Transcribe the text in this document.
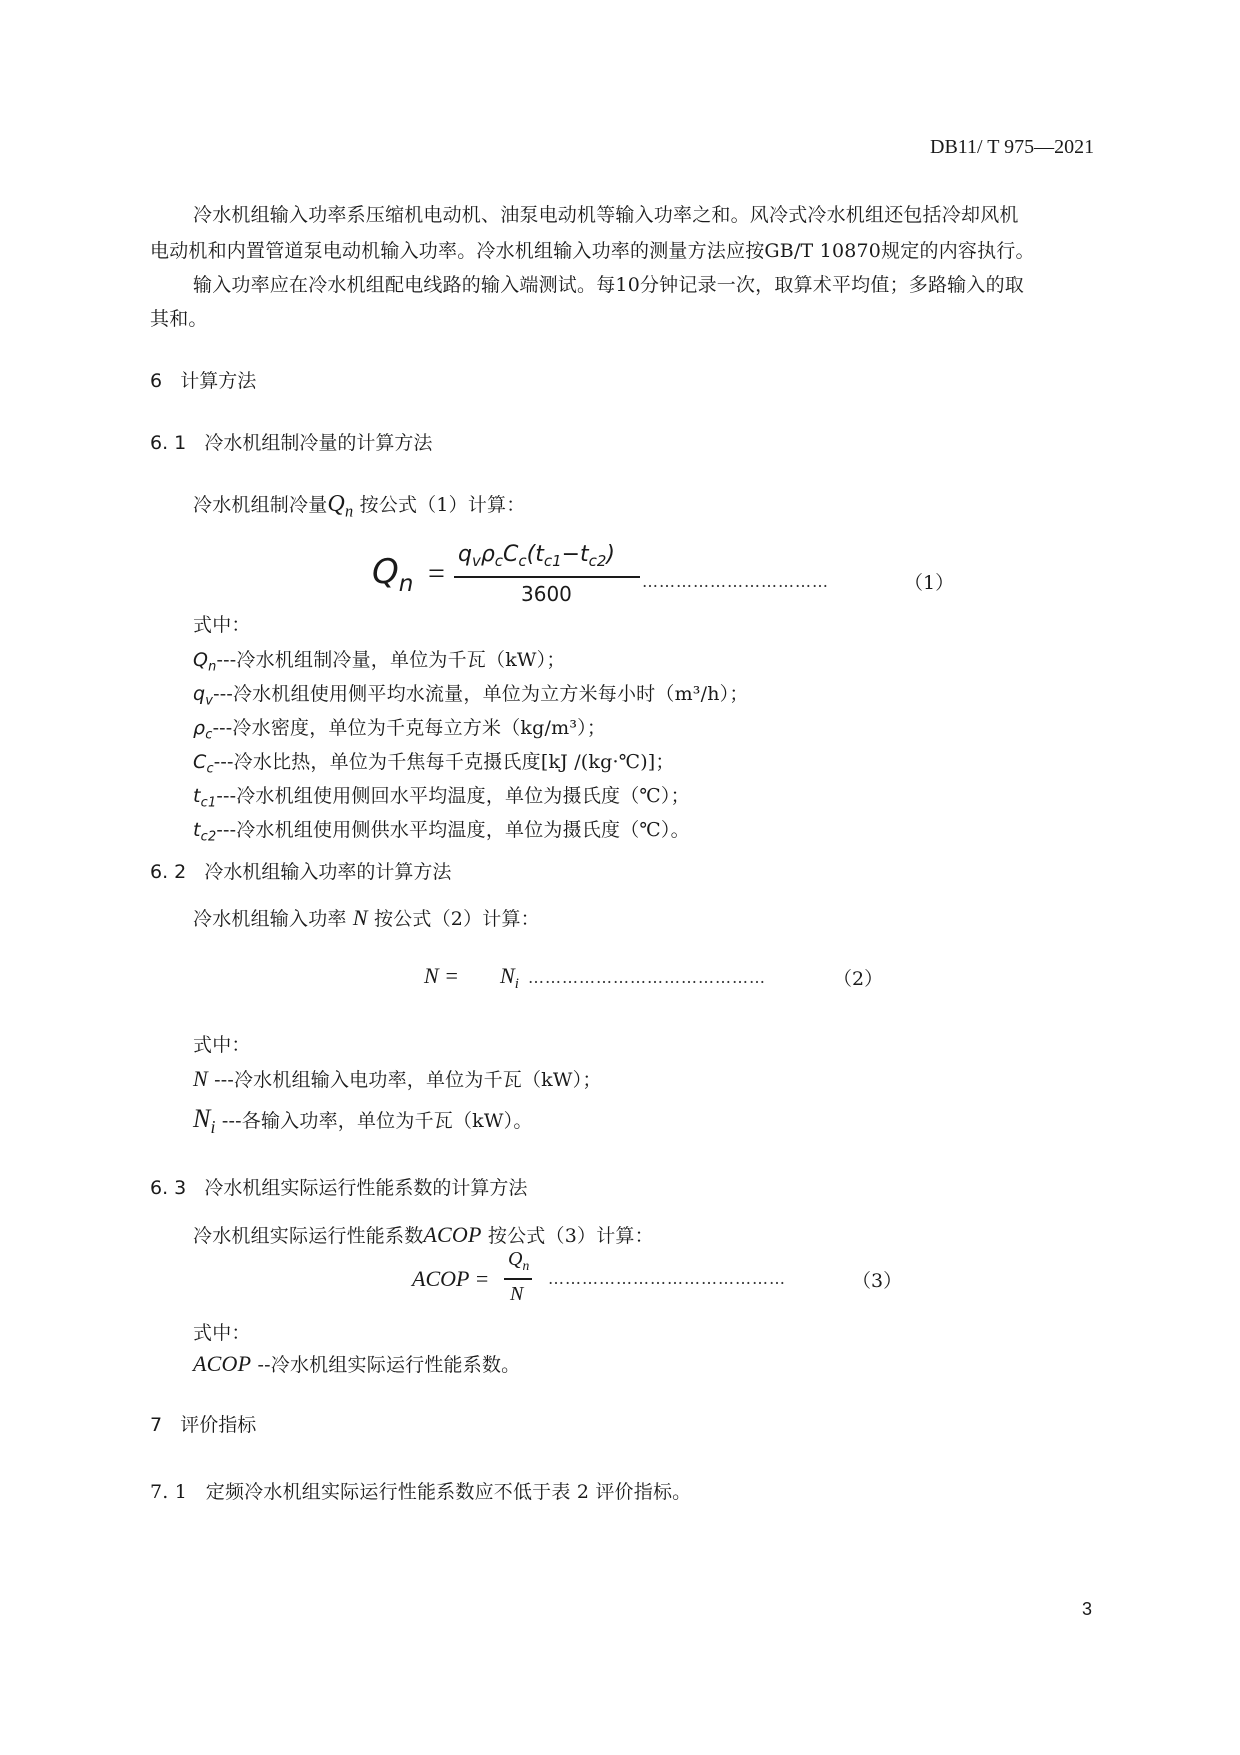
DB11/ T 975—2021
冷水机组输入功率系压缩机电动机、油泵电动机等输入功率之和。风冷式冷水机组还包括冷却风机
电动机和内置管道泵电动机输入功率。冷水机组输入功率的测量方法应按GB/T 10870规定的内容执行。
输入功率应在冷水机组配电线路的输入端测试。每10分钟记录一次，取算术平均值；多路输入的取
其和。
6 计算方法
6. 1 冷水机组制冷量的计算方法
冷水机组制冷量$Q_n$ 按公式（1）计算：
$Q_n$ =
$q_v\rho_cC_c(t_{c1}-t_{c2})$
3600
……………………………	（1）
式中：
$Q_n---$冷水机组制冷量，单位为千瓦（kW）；
$q_v---$冷水机组使用侧平均水流量，单位为立方米每小时（m³/h）；
$\rho_c---$冷水密度，单位为千克每立方米（kg/m³）；
$C_c---$冷水比热，单位为千焦每千克摄氏度[kJ /(kg·℃)]；
$t_{c1}---$冷水机组使用侧回水平均温度，单位为摄氏度（℃）；
$t_{c2}---$冷水机组使用侧供水平均温度，单位为摄氏度（℃）。
6. 2 冷水机组输入功率的计算方法
冷水机组输入功率 N 按公式（2）计算：
$N = N_i$ ……………………………………	（2）
式中：
N ---冷水机组输入电功率，单位为千瓦（kW）；
$N_i$ ---各输入功率，单位为千瓦（kW）。
6. 3 冷水机组实际运行性能系数的计算方法
冷水机组实际运行性能系数ACOP 按公式（3）计算：
ACOP =
$Q_n$
N
……………………………………	（3）
式中：
ACOP --冷水机组实际运行性能系数。
7 评价指标
7. 1 定频冷水机组实际运行性能系数应不低于表 2 评价指标。
3
